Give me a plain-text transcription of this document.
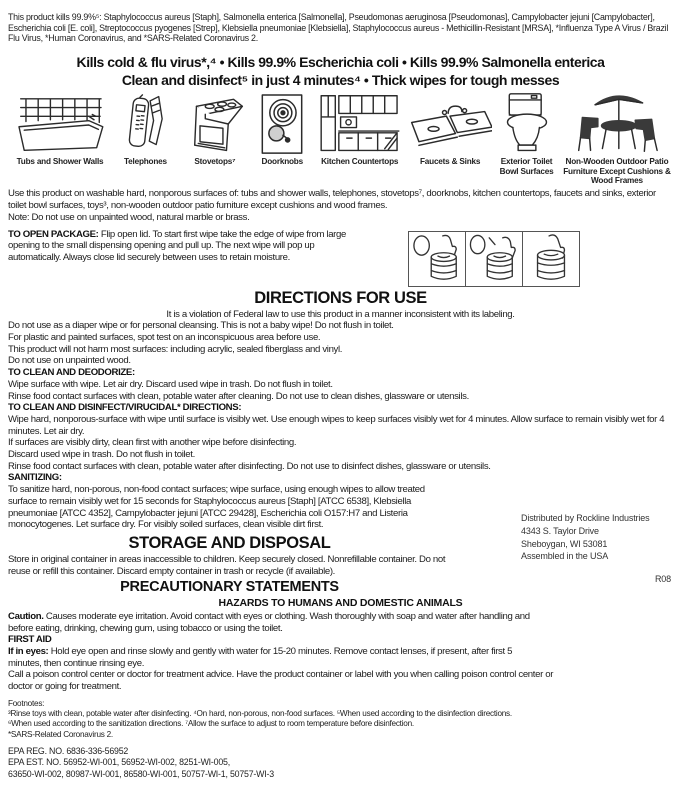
This product kills 99.9%⁵: Staphylococcus aureus [Staph], Salmonella enterica [Salmonella], Pseudomonas aeruginosa [Pseudomonas], Campylobacter jejuni [Campylobacter], Escherichia coli [E. coli], Streptococcus pyogenes [Strep], Klebsiella pneumoniae [Klebsiella], Staphylococcus aureus - Methicillin-Resistant [MRSA], *Influenza Type A Virus / Brazil Flu Virus, *Human Coronavirus, and *SARS-Related Coronavirus 2.

Kills cold & flu virus*,⁴ • Kills 99.9% Escherichia coli • Kills 99.9% Salmonella enterica
Clean and disinfect⁵ in just 4 minutes⁴ • Thick wipes for tough messes
Tubs and Shower Walls	Telephones	Stovetops⁷	Doorknobs Kitchen Countertops	Faucets & Sinks	Exterior Toilet Bowl Surfaces
Non-Wooden Outdoor Patio Furniture Except Cushions & Wood Frames

Use this product on washable hard, nonporous surfaces of: tubs and shower walls, telephones, stovetops⁷, doorknobs, kitchen countertops, faucets and sinks, exterior toilet bowl surfaces, toys³, non-wooden outdoor patio furniture except cushions and wood frames.

Note: Do not use on unpainted wood, natural marble or brass.

TO OPEN PACKAGE: Flip open lid. To start first wipe take the edge of wipe from large opening to the small dispensing opening and pull up. The next wipe will pop up automatically. Always close lid securely between uses to retain moisture.

DIRECTIONS FOR USE
It is a violation of Federal law to use this product in a manner inconsistent with its labeling.
Do not use as a diaper wipe or for personal cleansing. This is not a baby wipe! Do not flush in toilet.
For plastic and painted surfaces, spot test on an inconspicuous area before use.
This product will not harm most surfaces: including acrylic, sealed fiberglass and vinyl.
Do not use on unpainted wood.
TO CLEAN AND DEODORIZE:
Wipe surface with wipe. Let air dry. Discard used wipe in trash. Do not flush in toilet.
Rinse food contact surfaces with clean, potable water after cleaning. Do not use to clean dishes, glassware or utensils.
TO CLEAN AND DISINFECT/VIRUCIDAL* DIRECTIONS:

Wipe hard, nonporous-surface with wipe until surface is visibly wet. Use enough wipes to keep surfaces visibly wet for 4 minutes. Allow surface to remain visibly wet for 4 minutes. Let air dry.

If surfaces are visibly dirty, clean first with another wipe before disinfecting.
Discard used wipe in trash. Do not flush in toilet.
Rinse food contact surfaces with clean, potable water after disinfecting. Do not use to disinfect dishes, glassware or utensils.
Distributed by Rockline Industries
4343 S. Taylor Drive
Sheboygan, WI 53081
Assembled in the USA
R08
SANITIZING:

To sanitize hard, non-porous, non-food contact surfaces; wipe surface, using enough wipes to allow treated surface to remain visibly wet for 15 seconds for Staphylococcus aureus [Staph] [ATCC 6538], Klebsiella pneumoniae [ATCC 4352], Campylobacter jejuni [ATCC 29428], Escherichia coli O157:H7 and Listeria monocytogenes. Let surface dry. For visibly soiled surfaces, clean visible dirt first.

STORAGE AND DISPOSAL

Store in original container in areas inaccessible to children. Keep securely closed. Nonrefillable container. Do not reuse or refill this container. Discard empty container in trash or recycle (if available).

PRECAUTIONARY STATEMENTS
HAZARDS TO HUMANS AND DOMESTIC ANIMALS

Caution. Causes moderate eye irritation. Avoid contact with eyes or clothing. Wash thoroughly with soap and water after handling and before eating, drinking, chewing gum, using tobacco or using the toilet.

FIRST AID

If in eyes: Hold eye open and rinse slowly and gently with water for 15-20 minutes. Remove contact lenses, if present, after first 5 minutes, then continue rinsing eye.

Call a poison control center or doctor for treatment advice. Have the product container or label with you when calling poison control center or doctor or going for treatment.

Footnotes:
³Rinse toys with clean, potable water after disinfecting. ⁴On hard, non-porous, non-food surfaces. ⁵When used according to the disinfection directions. ⁶When used according to the sanitization directions. ⁷Allow the surface to adjust to room temperature before disinfection.
*SARS-Related Coronavirus 2.
EPA REG. NO. 6836-336-56952
EPA EST. NO. 56952-WI-001, 56952-WI-002, 8251-WI-005,
63650-WI-002, 80987-WI-001, 86580-WI-001, 50757-WI-1, 50757-WI-3
